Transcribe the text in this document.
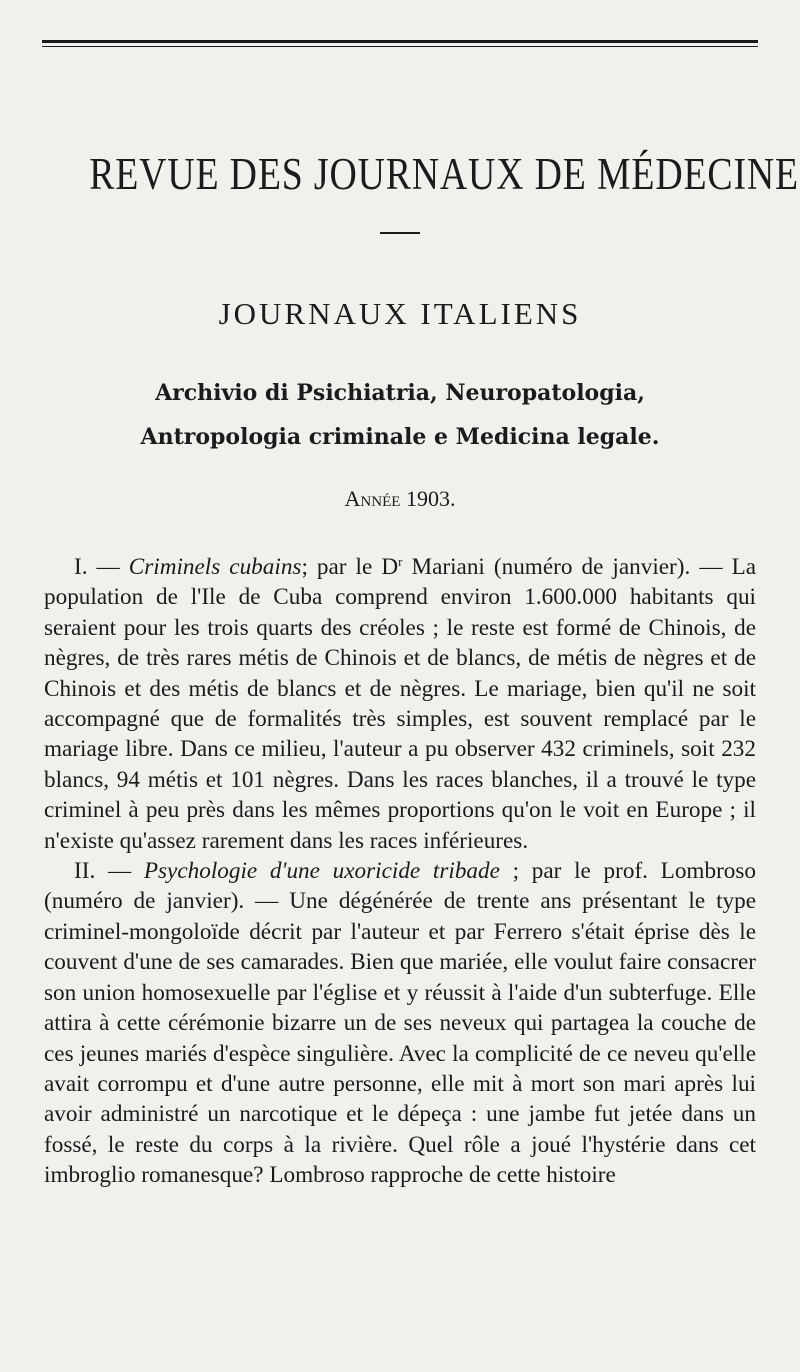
REVUE DES JOURNAUX DE MÉDECINE
JOURNAUX ITALIENS
Archivio di Psichiatria, Neuropatologia,
Antropologia criminale e Medicina legale.
Année 1903.

I. — Criminels cubains; par le $D^r$ Mariani (numéro de janvier). — La population de l'Ile de Cuba comprend environ 1.600.000 habitants qui seraient pour les trois quarts des créoles ; le reste est formé de Chinois, de nègres, de très rares métis de Chinois et de blancs, de métis de nègres et de Chinois et des métis de blancs et de nègres. Le mariage, bien qu'il ne soit accompagné que de formalités très simples, est souvent remplacé par le mariage libre. Dans ce milieu, l'auteur a pu observer 432 criminels, soit 232 blancs, 94 métis et 101 nègres. Dans les races blanches, il a trouvé le type criminel à peu près dans les mêmes proportions qu'on le voit en Europe ; il n'existe qu'assez rarement dans les races inférieures.

II. — Psychologie d'une uxoricide tribade ; par le prof. Lombroso (numéro de janvier). — Une dégénérée de trente ans présentant le type criminel-mongoloïde décrit par l'auteur et par Ferrero s'était éprise dès le couvent d'une de ses camarades. Bien que mariée, elle voulut faire consacrer son union homosexuelle par l'église et y réussit à l'aide d'un subterfuge. Elle attira à cette cérémonie bizarre un de ses neveux qui partagea la couche de ces jeunes mariés d'espèce singulière. Avec la complicité de ce neveu qu'elle avait corrompu et d'une autre personne, elle mit à mort son mari après lui avoir administré un narcotique et le dépeça : une jambe fut jetée dans un fossé, le reste du corps à la rivière. Quel rôle a joué l'hystérie dans cet imbroglio romanesque? Lombroso rapproche de cette histoire
